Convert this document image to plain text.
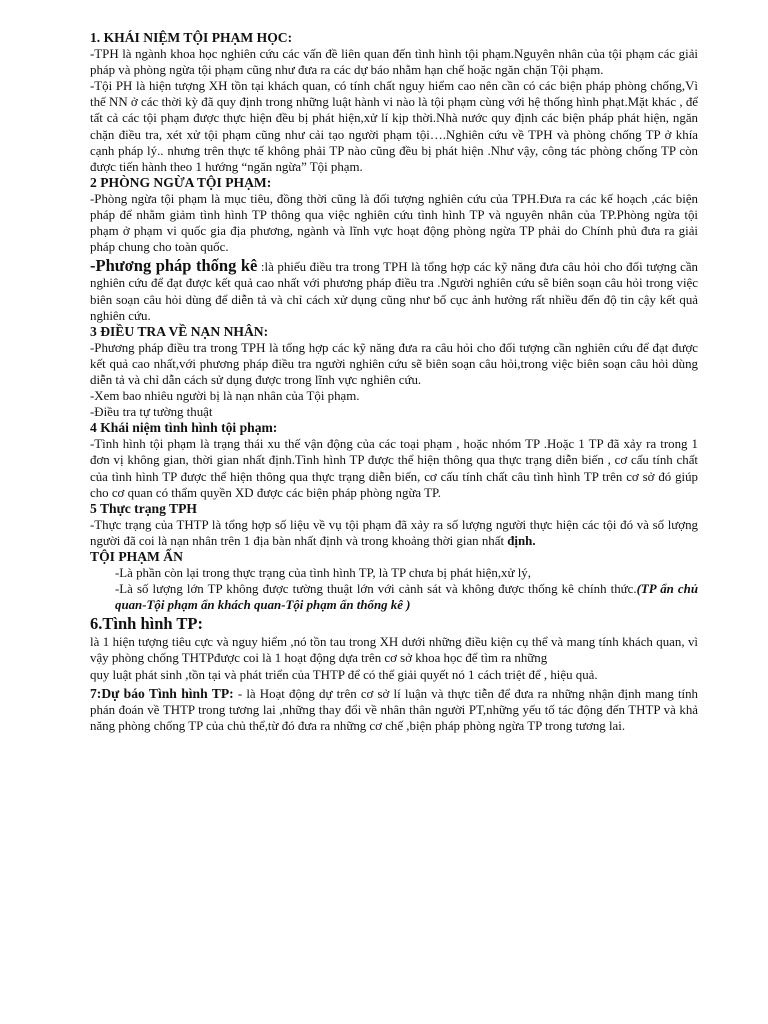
1. KHÁI NIỆM TỘI PHẠM HỌC:

-TPH là ngành khoa học nghiên cứu các vấn đề liên quan đến tình hình tội phạm.Nguyên nhân của tội phạm các giải pháp và phòng ngừa tội phạm cũng như đưa ra các dự báo nhằm hạn chế hoặc ngăn chặn Tội phạm.

-Tội PH là hiện tượng XH tồn tại khách quan, có tính chất nguy hiểm cao nên cần có các biện pháp phòng chống,Vì thế NN ở các thời kỳ đã quy định trong những luật hành vi nào là tội phạm cùng với hệ thống hình phạt.Mặt khác , để tất cả các tội phạm được thực hiện đều bị phát hiện,xử lí kịp thời.Nhà nước quy định các biện pháp phát hiện, ngăn chặn điều tra, xét xử tội phạm cũng như cải tạo người phạm tội….Nghiên cứu về TPH và phòng chống TP ở khía cạnh pháp lý.. nhưng trên thực tế không phải TP nào cũng đều bị phát hiện .Như vậy, công tác phòng chống TP còn được tiến hành theo 1 hướng “ngăn ngừa” Tội phạm.

2 PHÒNG NGỪA TỘI PHẠM:

-Phòng ngừa tội phạm là mục tiêu, đồng thời cũng là đối tượng nghiên cứu của TPH.Đưa ra các kế hoạch ,các biện pháp để nhằm giảm tình hình TP thông qua việc nghiên cứu tình hình TP và nguyên nhân của TP.Phòng ngừa tội phạm ở phạm vi quốc gia địa phương, ngành và lĩnh vực hoạt động phòng ngừa TP phải do Chính phủ đưa ra giải pháp chung cho toàn quốc.

-Phương pháp thống kê :là phiếu điều tra trong TPH là tổng hợp các kỹ năng đưa câu hỏi cho đối tượng cần nghiên cứu để đạt được kết quả cao nhất với phương pháp điều tra .Người nghiên cứu sẽ biên soạn câu hỏi trong việc biên soạn câu hỏi dùng để diễn tả và chỉ cách xử dụng cũng như bố cục ảnh hưởng rất nhiều đến độ tin cậy kết quả nghiên cứu.

3 ĐIỀU TRA VỀ NẠN NHÂN:

-Phương pháp điều tra trong TPH là tổng hợp các kỹ năng đưa ra câu hỏi cho đối tượng cần nghiên cứu để đạt được kết quả cao nhất,với phương pháp điều tra người nghiên cứu sẽ biên soạn câu hỏi,trong việc biên soạn câu hỏi dùng diễn tả và chỉ dẫn cách sử dụng được trong lĩnh vực nghiên cứu.

-Xem bao nhiêu người bị là nạn nhân của Tội phạm.

-Điều tra tự tường thuật

4 Khái niệm tình hình tội phạm:

-Tình hình tội phạm là trạng thái xu thế vận động của các toại phạm , hoặc nhóm TP .Hoặc 1 TP đã xảy ra trong 1 đơn vị không gian, thời gian nhất định.Tình hình TP được thể hiện thông qua thực trạng diễn biến , cơ cấu tính chất của tình hình TP được thể hiện thông qua thực trạng diễn biến, cơ cấu tính chất câu tình hình TP trên cơ sở đó giúp cho cơ quan có thẩm quyền XD được các biện pháp phòng ngừa TP.

5 Thực trạng TPH

-Thực trạng của THTP là tổng hợp số liệu về vụ tội phạm đã xảy ra số lượng người thực hiện các tội đó và số lượng người đã coi là nạn nhân trên 1 địa bàn nhất định và trong khoảng thời gian nhất định.

TỘI PHẠM ẨN

-Là phần còn lại trong thực trạng của tình hình TP, là TP chưa bị phát hiện,xử lý,

-Là số lượng lớn TP không được tường thuật lớn với cảnh sát và không được thống kê chính thức.(TP ẩn chủ quan-Tội phạm ẩn khách quan-Tội phạm ẩn thống kê )

6.Tình hình TP:

là 1 hiện tượng tiêu cực và nguy hiểm ,nó tồn tau trong XH dưới những điều kiện cụ thể và mang tính khách quan, vì vậy phòng chống THTPđược coi là 1 hoạt động dựa trên cơ sở khoa học để tìm ra những

quy luật phát sinh ,tồn tại và phát triển của THTP để có thể giải quyết nó 1 cách triệt để , hiệu quả.

7:Dự báo Tình hình TP: - là Hoạt động dự trên cơ sở lí luận và thực tiễn để đưa ra những nhận định mang tính phán đoán về THTP trong tương lai ,những thay đổi về nhân thân người PT,những yếu tố tác động đến THTP và khả năng phòng chống TP của chủ thể,từ đó đưa ra những cơ chế ,biện pháp phòng ngừa TP trong tương lai.
